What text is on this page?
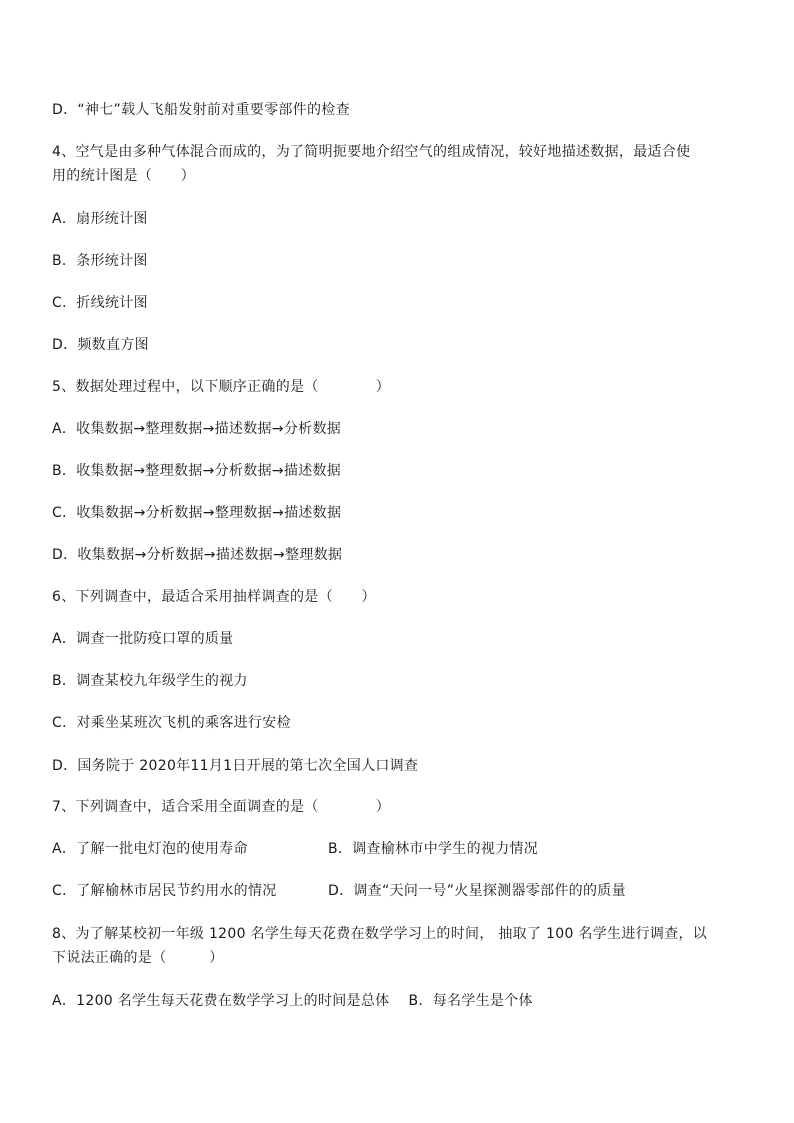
D．“神七”载人飞船发射前对重要零部件的检查
4、空气是由多种气体混合而成的，为了简明扼要地介绍空气的组成情况，较好地描述数据，最适合使
用的统计图是（　　）
A．扇形统计图
B．条形统计图
C．折线统计图
D．频数直方图
5、数据处理过程中，以下顺序正确的是（　　　　）
A．收集数据→整理数据→描述数据→分析数据
B．收集数据→整理数据→分析数据→描述数据
C．收集数据→分析数据→整理数据→描述数据
D．收集数据→分析数据→描述数据→整理数据
6、下列调查中，最适合采用抽样调查的是（　　）
A．调查一批防疫口罩的质量
B．调查某校九年级学生的视力
C．对乘坐某班次飞机的乘客进行安检
D．国务院于 2020年11月1日开展的第七次全国人口调查
7、下列调查中，适合采用全面调查的是（　　　　）
A．了解一批电灯泡的使用寿命	B．调查榆林市中学生的视力情况
C．了解榆林市居民节约用水的情况	D．调查“天问一号”火星探测器零部件的的质量
8、为了解某校初一年级 1200 名学生每天花费在数学学习上的时间， 抽取了 100 名学生进行调查，以
下说法正确的是（　　　）
A．1200 名学生每天花费在数学学习上的时间是总体　 B．每名学生是个体
